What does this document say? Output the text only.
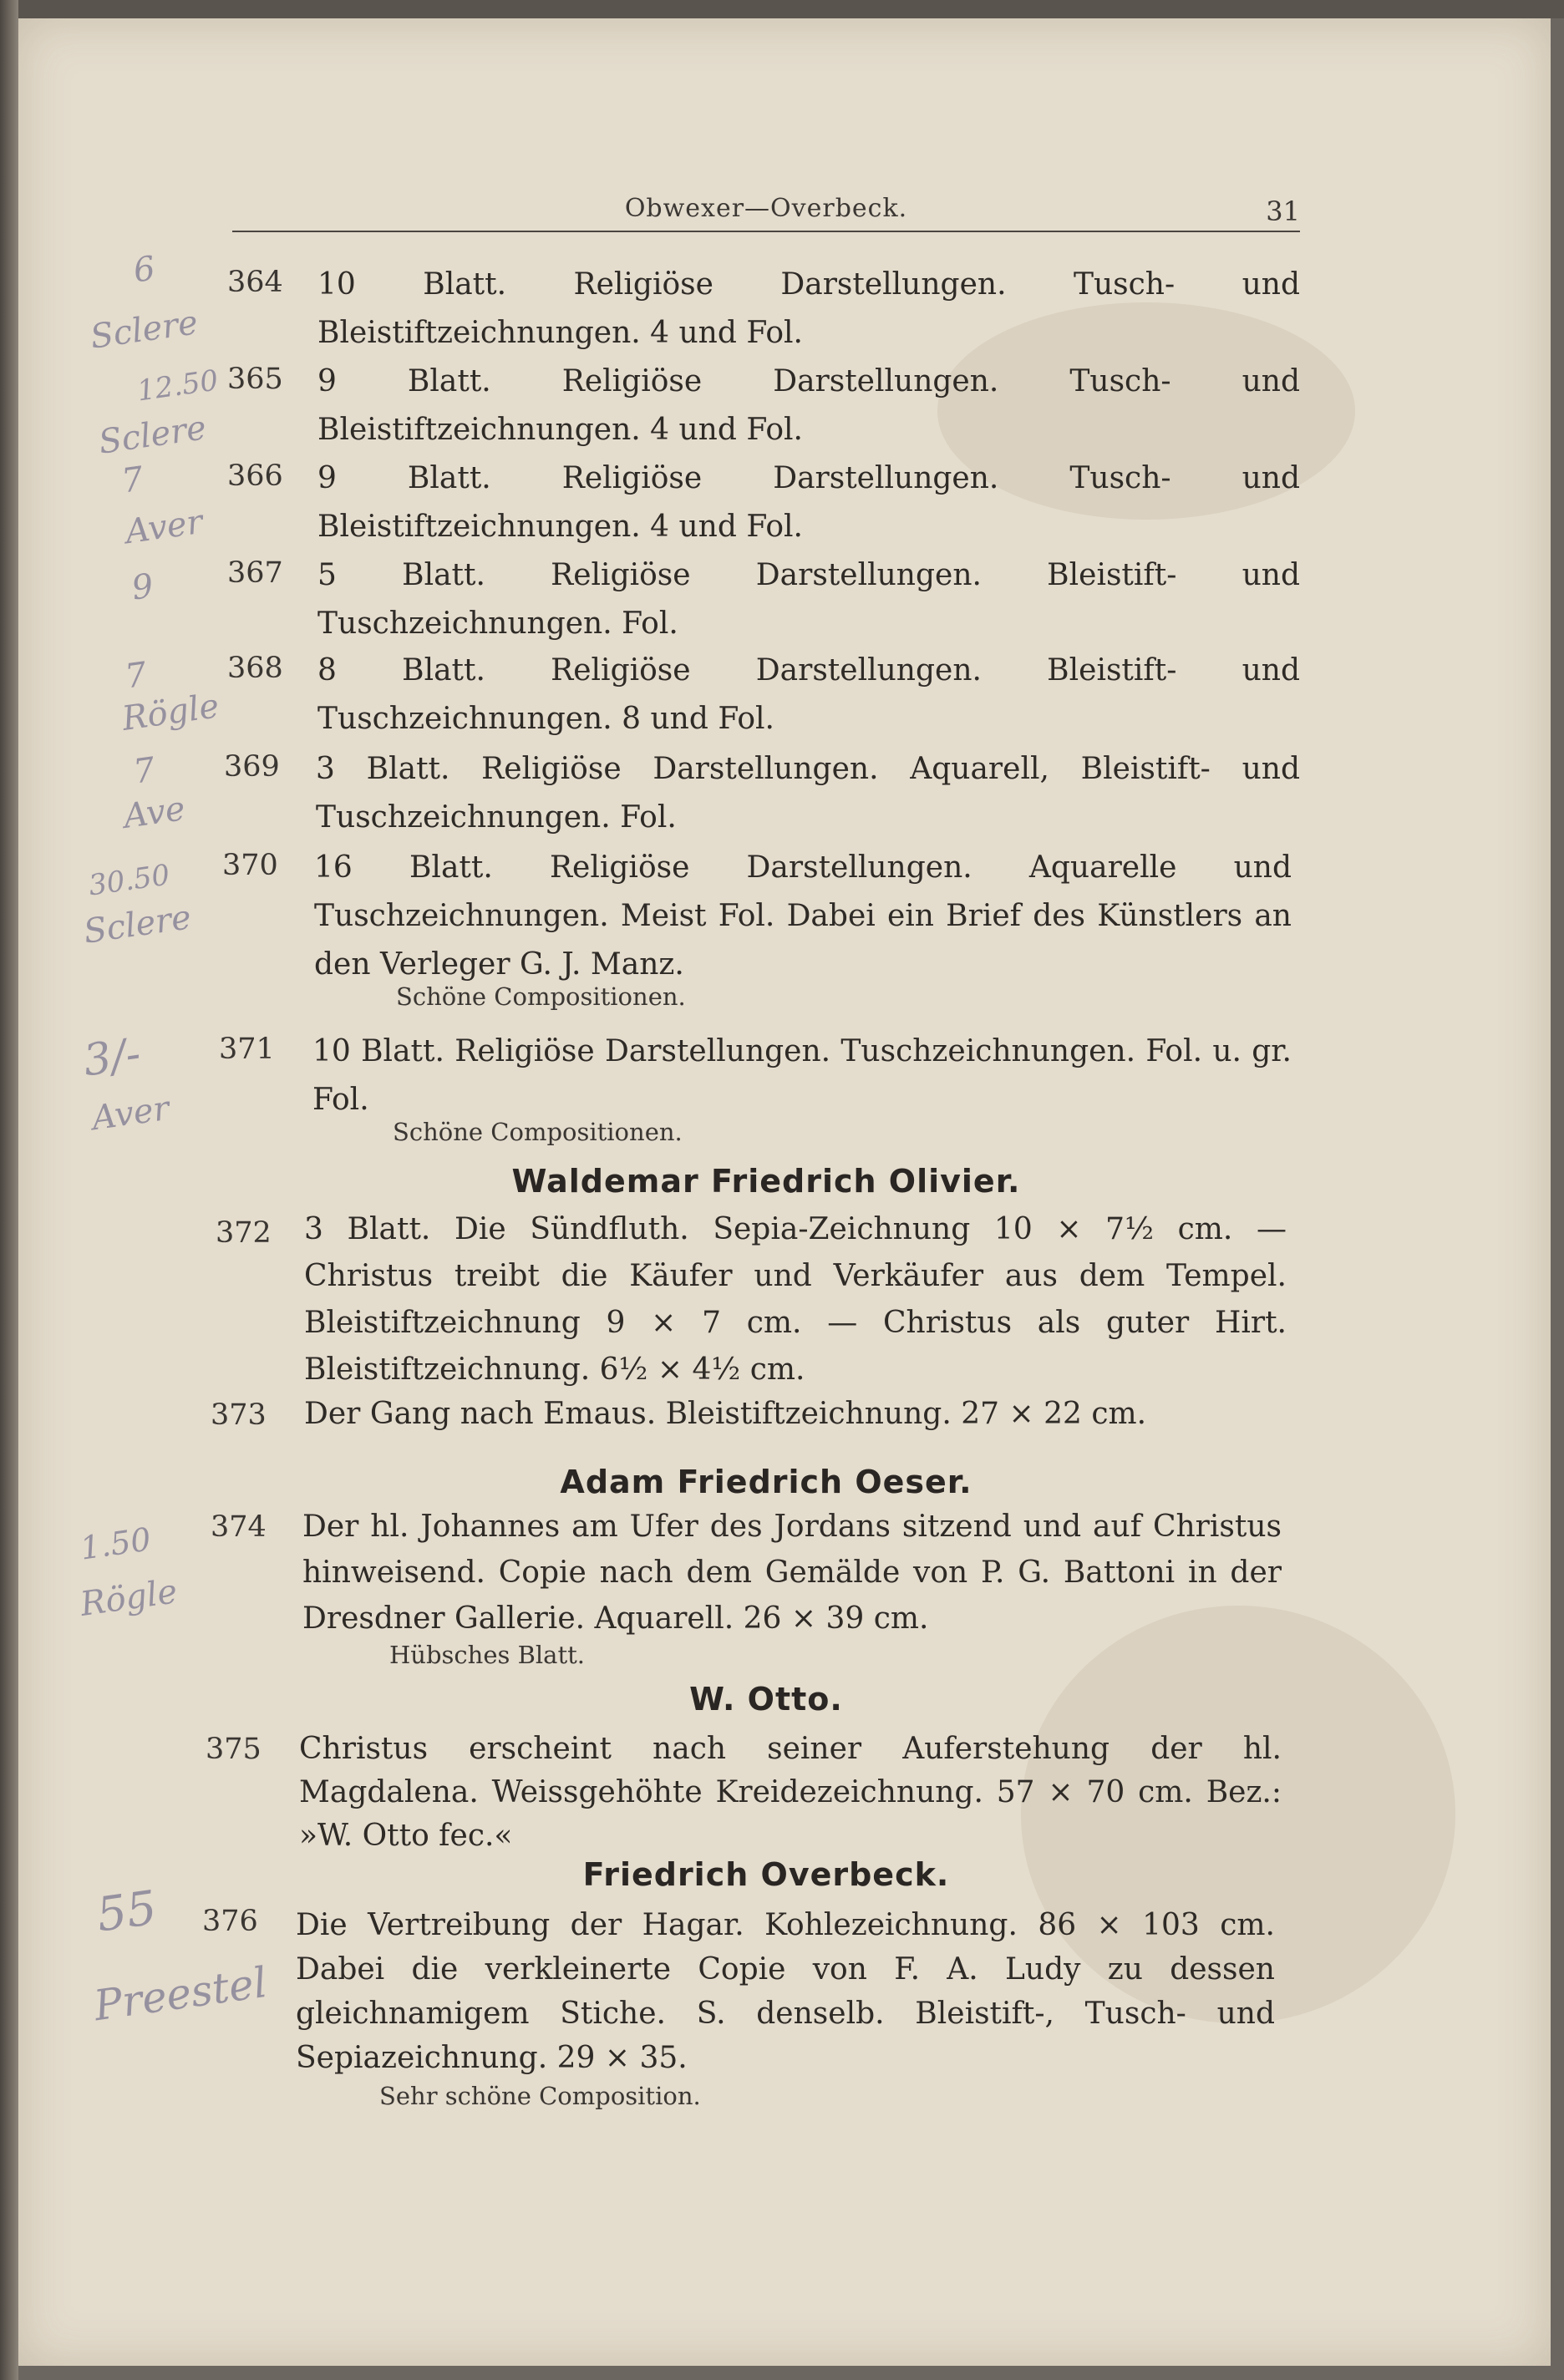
Obwexer—Overbeck.	31
364	10 Blatt. Religiöse Darstellungen. Tusch- und Bleistiftzeichnungen. 4 und Fol.
365	9 Blatt. Religiöse Darstellungen. Tusch- und Bleistiftzeichnungen. 4 und Fol.
366	9 Blatt. Religiöse Darstellungen. Tusch- und Bleistiftzeichnungen. 4 und Fol.
367	5 Blatt. Religiöse Darstellungen. Bleistift- und Tuschzeichnungen. Fol.
368	8 Blatt. Religiöse Darstellungen. Bleistift- und Tuschzeichnungen. 8 und Fol.
369	3 Blatt. Religiöse Darstellungen. Aquarell, Bleistift- und Tuschzeichnungen. Fol.
370	16 Blatt. Religiöse Darstellungen. Aquarelle und Tuschzeichnungen. Meist Fol. Dabei ein Brief des Künstlers an den Verleger G. J. Manz.
Schöne Compositionen.
371	10 Blatt. Religiöse Darstellungen. Tuschzeichnungen. Fol. u. gr. Fol.
Schöne Compositionen.
Waldemar Friedrich Olivier.
372	3 Blatt. Die Sündfluth. Sepia-Zeichnung 10 × 7½ cm. — Christus treibt die Käufer und Verkäufer aus dem Tempel. Bleistiftzeichnung 9 × 7 cm. — Christus als guter Hirt. Bleistiftzeichnung. 6½ × 4½ cm.
373	Der Gang nach Emaus. Bleistiftzeichnung. 27 × 22 cm.
Adam Friedrich Oeser.
374	Der hl. Johannes am Ufer des Jordans sitzend und auf Christus hinweisend. Copie nach dem Gemälde von P. G. Battoni in der Dresdner Gallerie. Aquarell. 26 × 39 cm.
Hübsches Blatt.
W. Otto.
375	Christus erscheint nach seiner Auferstehung der hl. Magdalena. Weissgehöhte Kreidezeichnung. 57 × 70 cm. Bez.: »W. Otto fec.«
Friedrich Overbeck.
376	Die Vertreibung der Hagar. Kohlezeichnung. 86 × 103 cm. Dabei die verkleinerte Copie von F. A. Ludy zu dessen gleichnamigem Stiche. S. denselb. Bleistift-, Tusch- und Sepiazeichnung. 29 × 35.
Sehr schöne Composition.
6
Sclere
12.50
Sclere
7
Aver
9
7
Rögle
7
Ave
30.50
Sclere
3/-
Aver
1.50
Rögle
55
Preestel
